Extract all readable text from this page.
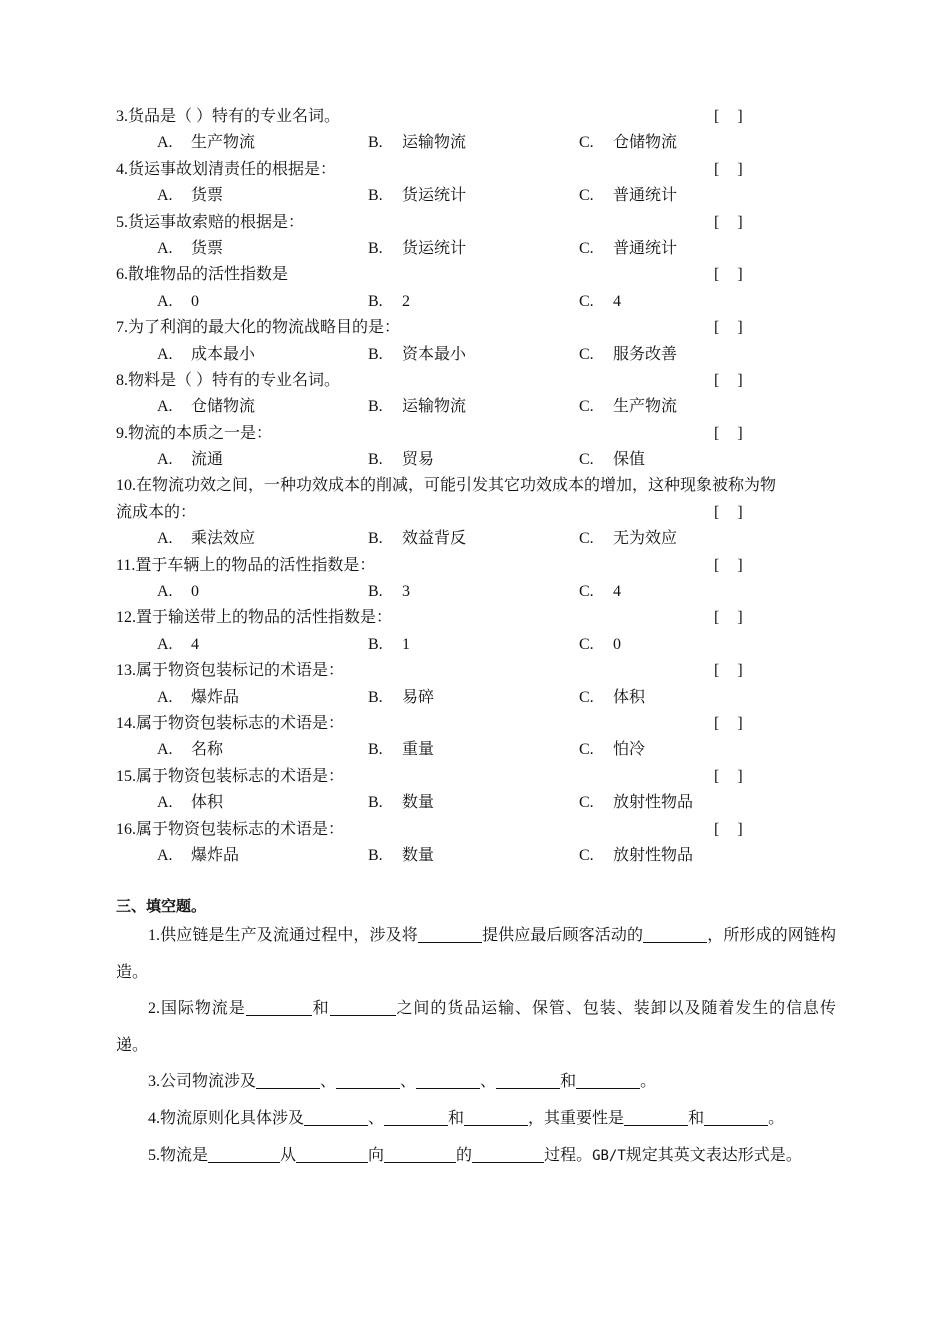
3.货品是（ ）特有的专业名词。	[ ]
A. 生产物流	B. 运输物流	C. 仓储物流
4.货运事故划清责任的根据是：	[ ]
A. 货票	B. 货运统计	C. 普通统计
5.货运事故索赔的根据是：	[ ]
A. 货票	B. 货运统计	C. 普通统计
6.散堆物品的活性指数是	[ ]
A. 0	B. 2	C. 4
7.为了利润的最大化的物流战略目的是：	[ ]
A. 成本最小	B. 资本最小	C. 服务改善
8.物料是（ ）特有的专业名词。	[ ]
A. 仓储物流	B. 运输物流	C. 生产物流
9.物流的本质之一是：	[ ]
A. 流通	B. 贸易	C. 保值
10.在物流功效之间，一种功效成本的削减，可能引发其它功效成本的增加，这种现象被称为物流成本的：	[ ]
A. 乘法效应	B. 效益背反	C. 无为效应
11.置于车辆上的物品的活性指数是：	[ ]
A. 0	B. 3	C. 4
12.置于输送带上的物品的活性指数是：	[ ]
A. 4	B. 1	C. 0
13.属于物资包装标记的术语是：	[ ]
A. 爆炸品	B. 易碎	C. 体积
14.属于物资包装标志的术语是：	[ ]
A. 名称	B. 重量	C. 怕冷
15.属于物资包装标志的术语是：	[ ]
A. 体积	B. 数量	C. 放射性物品
16.属于物资包装标志的术语是：	[ ]
A. 爆炸品	B. 数量	C. 放射性物品
三、填空题。

1.供应链是生产及流通过程中，涉及将	提供应最后顾客活动的	，所形成的网链构造。

2.国际物流是	和	之间的货品运输、保管、包装、装卸以及随着发生的信息传递。

3.公司物流涉及	、	、	、	和	。

4.物流原则化具体涉及	、	和	，其重要性是	和	。

5.物流是	从	向	的	过程。GB/T规定其英文表达形式是。
